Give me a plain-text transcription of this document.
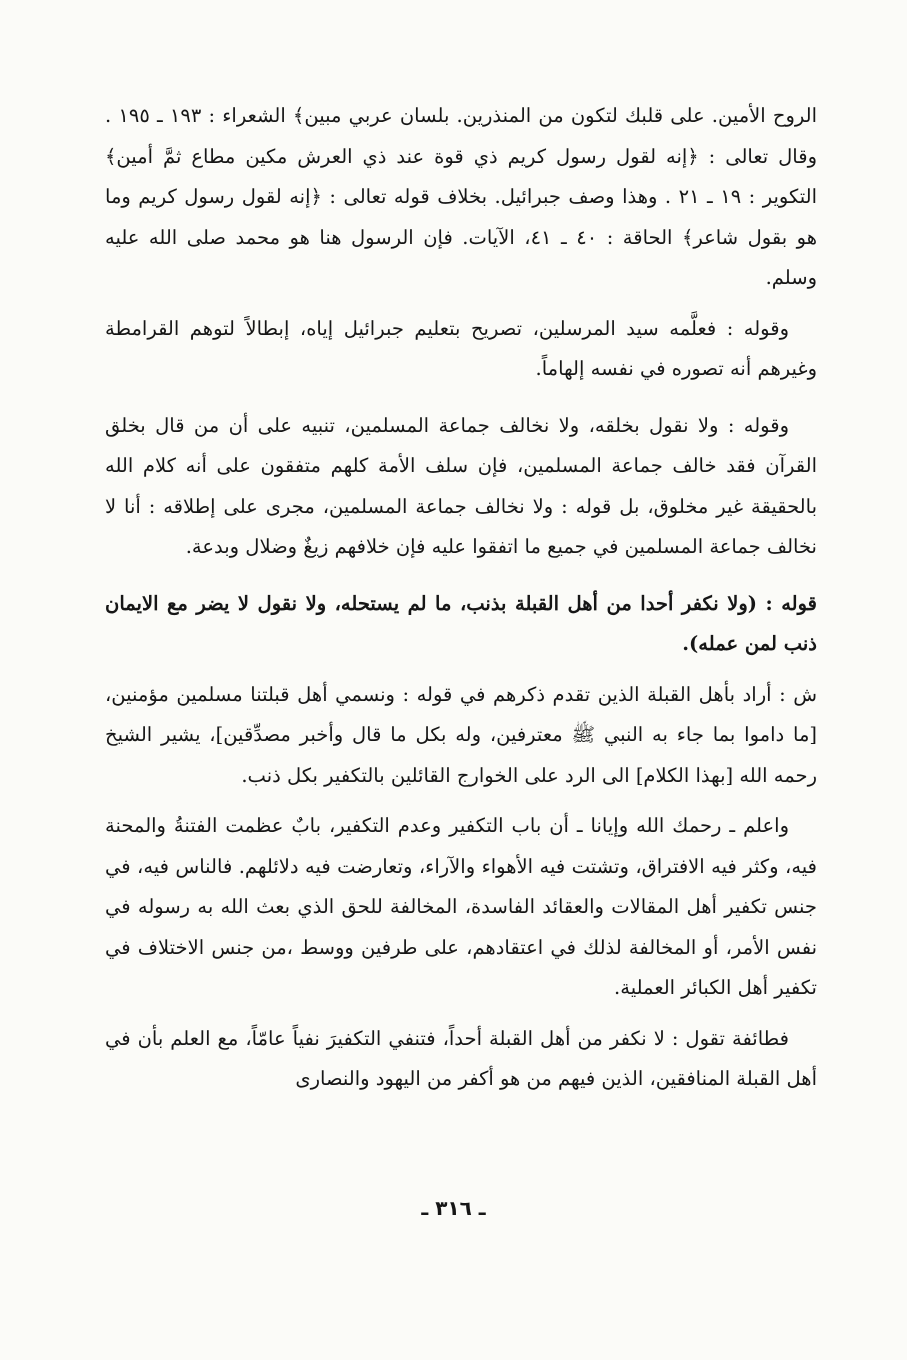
الروح الأمين. على قلبك لتكون من المنذرين. بلسان عربي مبين﴾ الشعراء : ١٩٣ ـ ١٩٥ . وقال تعالى : ﴿إنه لقول رسول كريم ذي قوة عند ذي العرش مكين مطاع ثمَّ أمين﴾ التكوير : ١٩ ـ ٢١ . وهذا وصف جبرائيل. بخلاف قوله تعالى : ﴿إنه لقول رسول كريم وما هو بقول شاعر﴾ الحاقة : ٤٠ ـ ٤١، الآيات. فإن الرسول هنا هو محمد صلى الله عليه وسلم.

وقوله : فعلَّمه سيد المرسلين، تصريح بتعليم جبرائيل إياه، إبطالاً لتوهم القرامطة وغيرهم أنه تصوره في نفسه إلهاماً.

وقوله : ولا نقول بخلقه، ولا نخالف جماعة المسلمين، تنبيه على أن من قال بخلق القرآن فقد خالف جماعة المسلمين، فإن سلف الأمة كلهم متفقون على أنه كلام الله بالحقيقة غير مخلوق، بل قوله : ولا نخالف جماعة المسلمين، مجرى على إطلاقه : أنا لا نخالف جماعة المسلمين في جميع ما اتفقوا عليه فإن خلافهم زيغٌ وضلال وبدعة.

قوله : (ولا نكفر أحدا من أهل القبلة بذنب، ما لم يستحله، ولا نقول لا يضر مع الايمان ذنب لمن عمله).

ش : أراد بأهل القبلة الذين تقدم ذكرهم في قوله : ونسمي أهل قبلتنا مسلمين مؤمنين، [ما داموا بما جاء به النبي ﷺ معترفين، وله بكل ما قال وأخبر مصدِّقين]، يشير الشيخ رحمه الله [بهذا الكلام] الى الرد على الخوارج القائلين بالتكفير بكل ذنب.

واعلم ـ رحمك الله وإيانا ـ أن باب التكفير وعدم التكفير، بابٌ عظمت الفتنةُ والمحنة فيه، وكثر فيه الافتراق، وتشتت فيه الأهواء والآراء، وتعارضت فيه دلائلهم. فالناس فيه، في جنس تكفير أهل المقالات والعقائد الفاسدة، المخالفة للحق الذي بعث الله به رسوله في نفس الأمر، أو المخالفة لذلك في اعتقادهم، على طرفين ووسط ،من جنس الاختلاف في تكفير أهل الكبائر العملية.

فطائفة تقول : لا نكفر من أهل القبلة أحداً، فتنفي التكفيرَ نفياً عامّاً، مع العلم بأن في أهل القبلة المنافقين، الذين فيهم من هو أكفر من اليهود والنصارى

ـ ٣١٦ ـ
